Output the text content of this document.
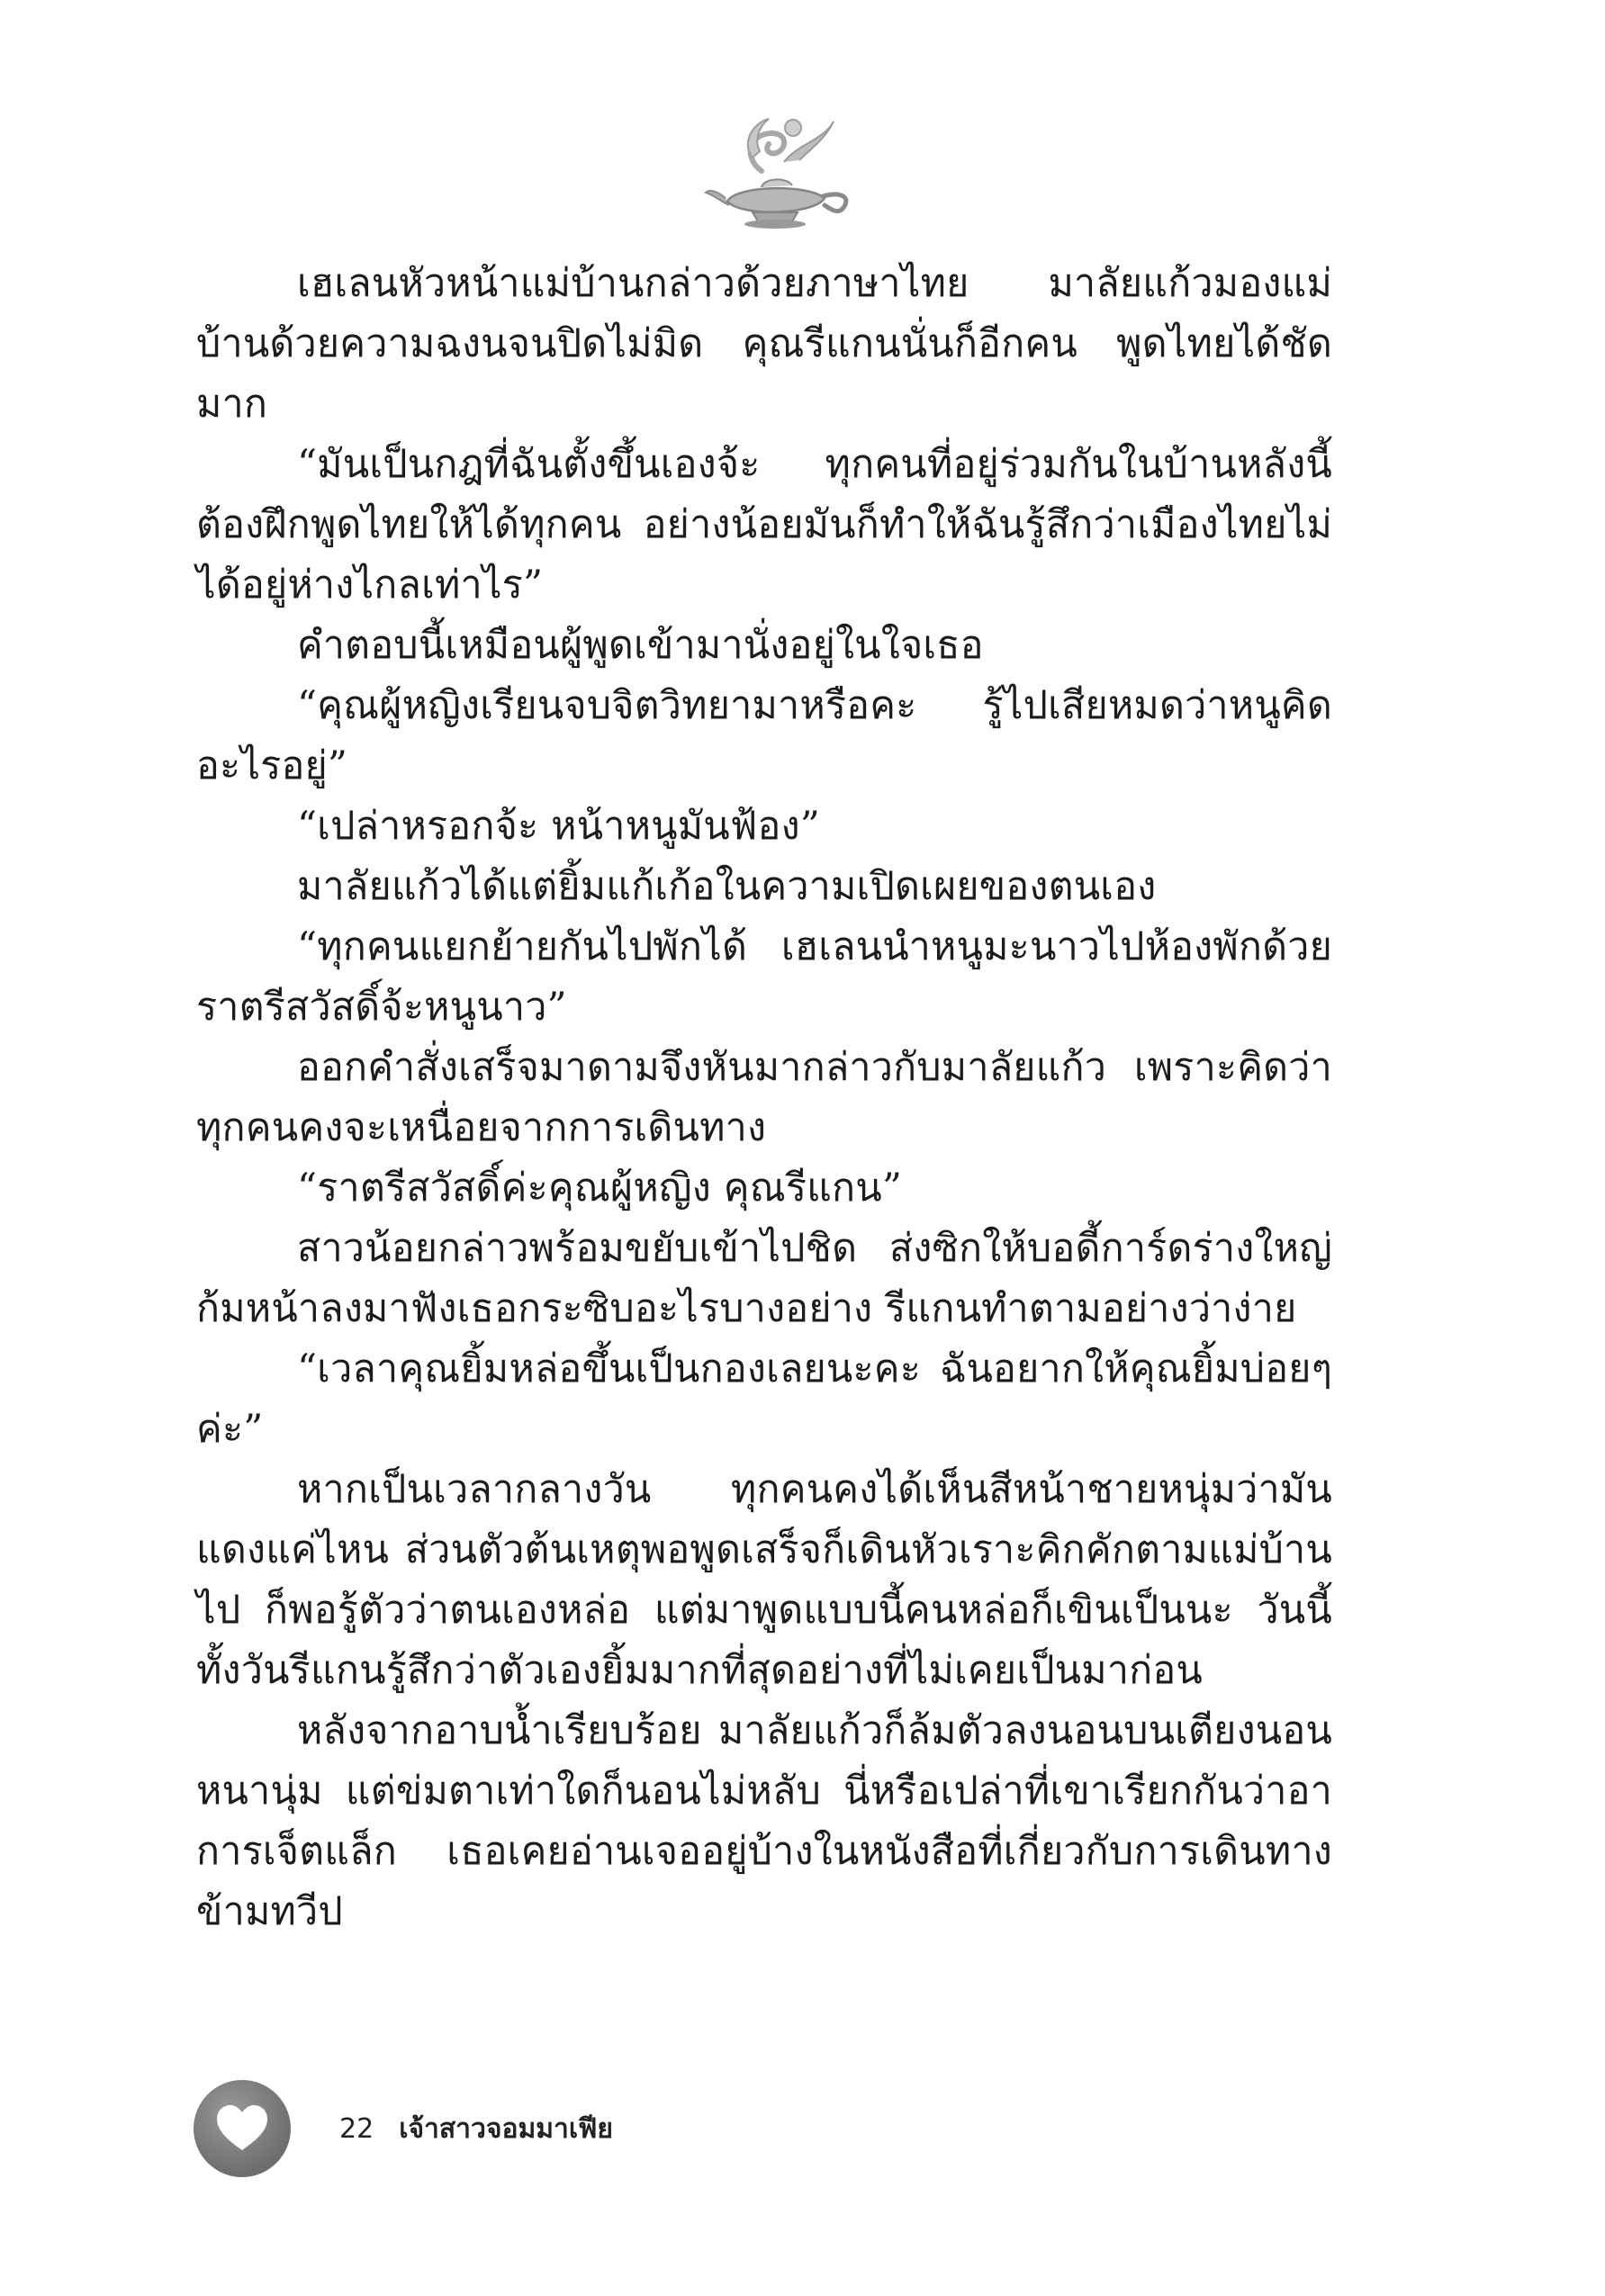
เฮเลนหัวหน้าแม่บ้านกล่าวด้วยภาษาไทย มาลัยแก้วมองแม่บ้านด้วยความฉงนจนปิดไม่มิด คุณรีแกนนั่นก็อีกคน พูดไทยได้ชัดมาก

“มันเป็นกฎที่ฉันตั้งขึ้นเองจ้ะ ทุกคนที่อยู่ร่วมกันในบ้านหลังนี้ต้องฝึกพูดไทยให้ได้ทุกคน อย่างน้อยมันก็ทำให้ฉันรู้สึกว่าเมืองไทยไม่ได้อยู่ห่างไกลเท่าไร”

คำตอบนี้เหมือนผู้พูดเข้ามานั่งอยู่ในใจเธอ

“คุณผู้หญิงเรียนจบจิตวิทยามาหรือคะ รู้ไปเสียหมดว่าหนูคิดอะไรอยู่”

“เปล่าหรอกจ้ะ หน้าหนูมันฟ้อง”

มาลัยแก้วได้แต่ยิ้มแก้เก้อในความเปิดเผยของตนเอง

“ทุกคนแยกย้ายกันไปพักได้ เฮเลนนำหนูมะนาวไปห้องพักด้วย ราตรีสวัสดิ์จ้ะหนูนาว”

ออกคำสั่งเสร็จมาดามจึงหันมากล่าวกับมาลัยแก้ว เพราะคิดว่าทุกคนคงจะเหนื่อยจากการเดินทาง

“ราตรีสวัสดิ์ค่ะคุณผู้หญิง คุณรีแกน”

สาวน้อยกล่าวพร้อมขยับเข้าไปชิด ส่งซิกให้บอดี้การ์ดร่างใหญ่ก้มหน้าลงมาฟังเธอกระซิบอะไรบางอย่าง รีแกนทำตามอย่างว่าง่าย

“เวลาคุณยิ้มหล่อขึ้นเป็นกองเลยนะคะ ฉันอยากให้คุณยิ้มบ่อยๆ ค่ะ”

หากเป็นเวลากลางวัน ทุกคนคงได้เห็นสีหน้าชายหนุ่มว่ามันแดงแค่ไหน ส่วนตัวต้นเหตุพอพูดเสร็จก็เดินหัวเราะคิกคักตามแม่บ้านไป ก็พอรู้ตัวว่าตนเองหล่อ แต่มาพูดแบบนี้คนหล่อก็เขินเป็นนะ วันนี้ทั้งวันรีแกนรู้สึกว่าตัวเองยิ้มมากที่สุดอย่างที่ไม่เคยเป็นมาก่อน

หลังจากอาบน้ำเรียบร้อย มาลัยแก้วก็ล้มตัวลงนอนบนเตียงนอนหนานุ่ม แต่ข่มตาเท่าใดก็นอนไม่หลับ นี่หรือเปล่าที่เขาเรียกกันว่าอาการเจ็ตแล็ก เธอเคยอ่านเจออยู่บ้างในหนังสือที่เกี่ยวกับการเดินทางข้ามทวีป

22 เจ้าสาวจอมมาเฟีย
